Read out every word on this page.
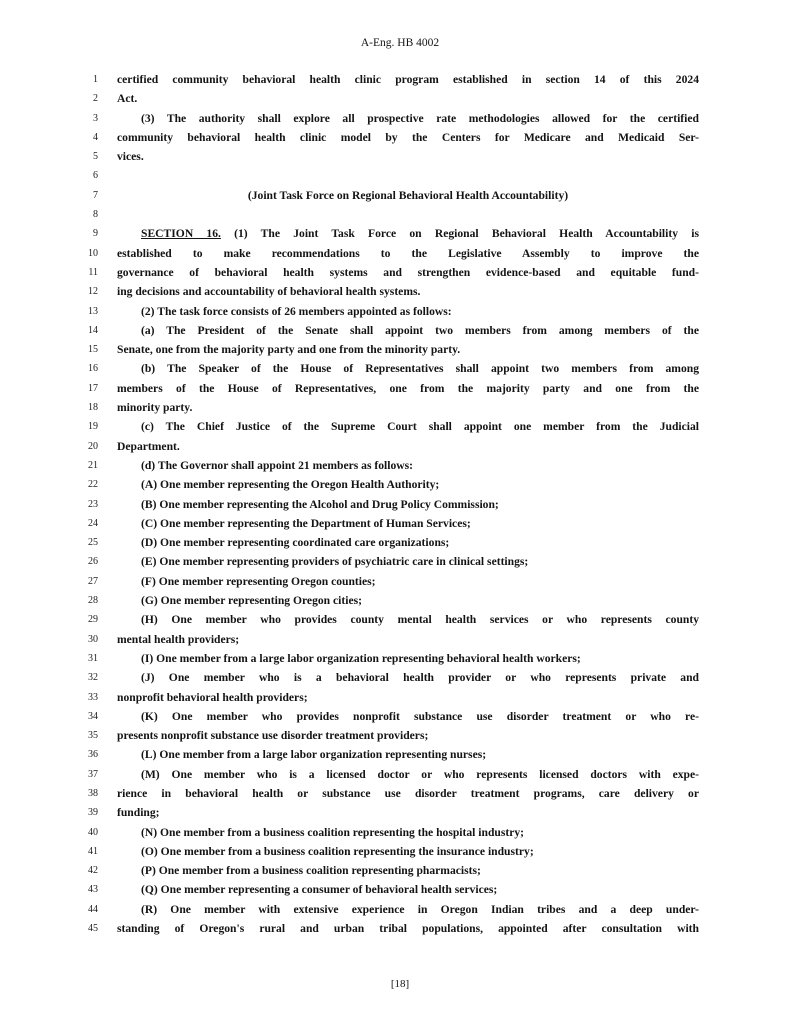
A-Eng. HB 4002
1 certified community behavioral health clinic program established in section 14 of this 2024
2 Act.
3	(3) The authority shall explore all prospective rate methodologies allowed for the certified
4 community behavioral health clinic model by the Centers for Medicare and Medicaid Ser-
5 vices.
6
7	(Joint Task Force on Regional Behavioral Health Accountability)
8
9	SECTION 16. (1) The Joint Task Force on Regional Behavioral Health Accountability is
10 established to make recommendations to the Legislative Assembly to improve the
11 governance of behavioral health systems and strengthen evidence-based and equitable fund-
12 ing decisions and accountability of behavioral health systems.
13	(2) The task force consists of 26 members appointed as follows:
14	(a) The President of the Senate shall appoint two members from among members of the
15 Senate, one from the majority party and one from the minority party.
16	(b) The Speaker of the House of Representatives shall appoint two members from among
17 members of the House of Representatives, one from the majority party and one from the
18 minority party.
19	(c) The Chief Justice of the Supreme Court shall appoint one member from the Judicial
20 Department.
21	(d) The Governor shall appoint 21 members as follows:
22	(A) One member representing the Oregon Health Authority;
23	(B) One member representing the Alcohol and Drug Policy Commission;
24	(C) One member representing the Department of Human Services;
25	(D) One member representing coordinated care organizations;
26	(E) One member representing providers of psychiatric care in clinical settings;
27	(F) One member representing Oregon counties;
28	(G) One member representing Oregon cities;
29	(H) One member who provides county mental health services or who represents county
30 mental health providers;
31	(I) One member from a large labor organization representing behavioral health workers;
32	(J) One member who is a behavioral health provider or who represents private and
33 nonprofit behavioral health providers;
34	(K) One member who provides nonprofit substance use disorder treatment or who re-
35 presents nonprofit substance use disorder treatment providers;
36	(L) One member from a large labor organization representing nurses;
37	(M) One member who is a licensed doctor or who represents licensed doctors with expe-
38 rience in behavioral health or substance use disorder treatment programs, care delivery or
39 funding;
40	(N) One member from a business coalition representing the hospital industry;
41	(O) One member from a business coalition representing the insurance industry;
42	(P) One member from a business coalition representing pharmacists;
43	(Q) One member representing a consumer of behavioral health services;
44	(R) One member with extensive experience in Oregon Indian tribes and a deep under-
45 standing of Oregon's rural and urban tribal populations, appointed after consultation with
[18]
